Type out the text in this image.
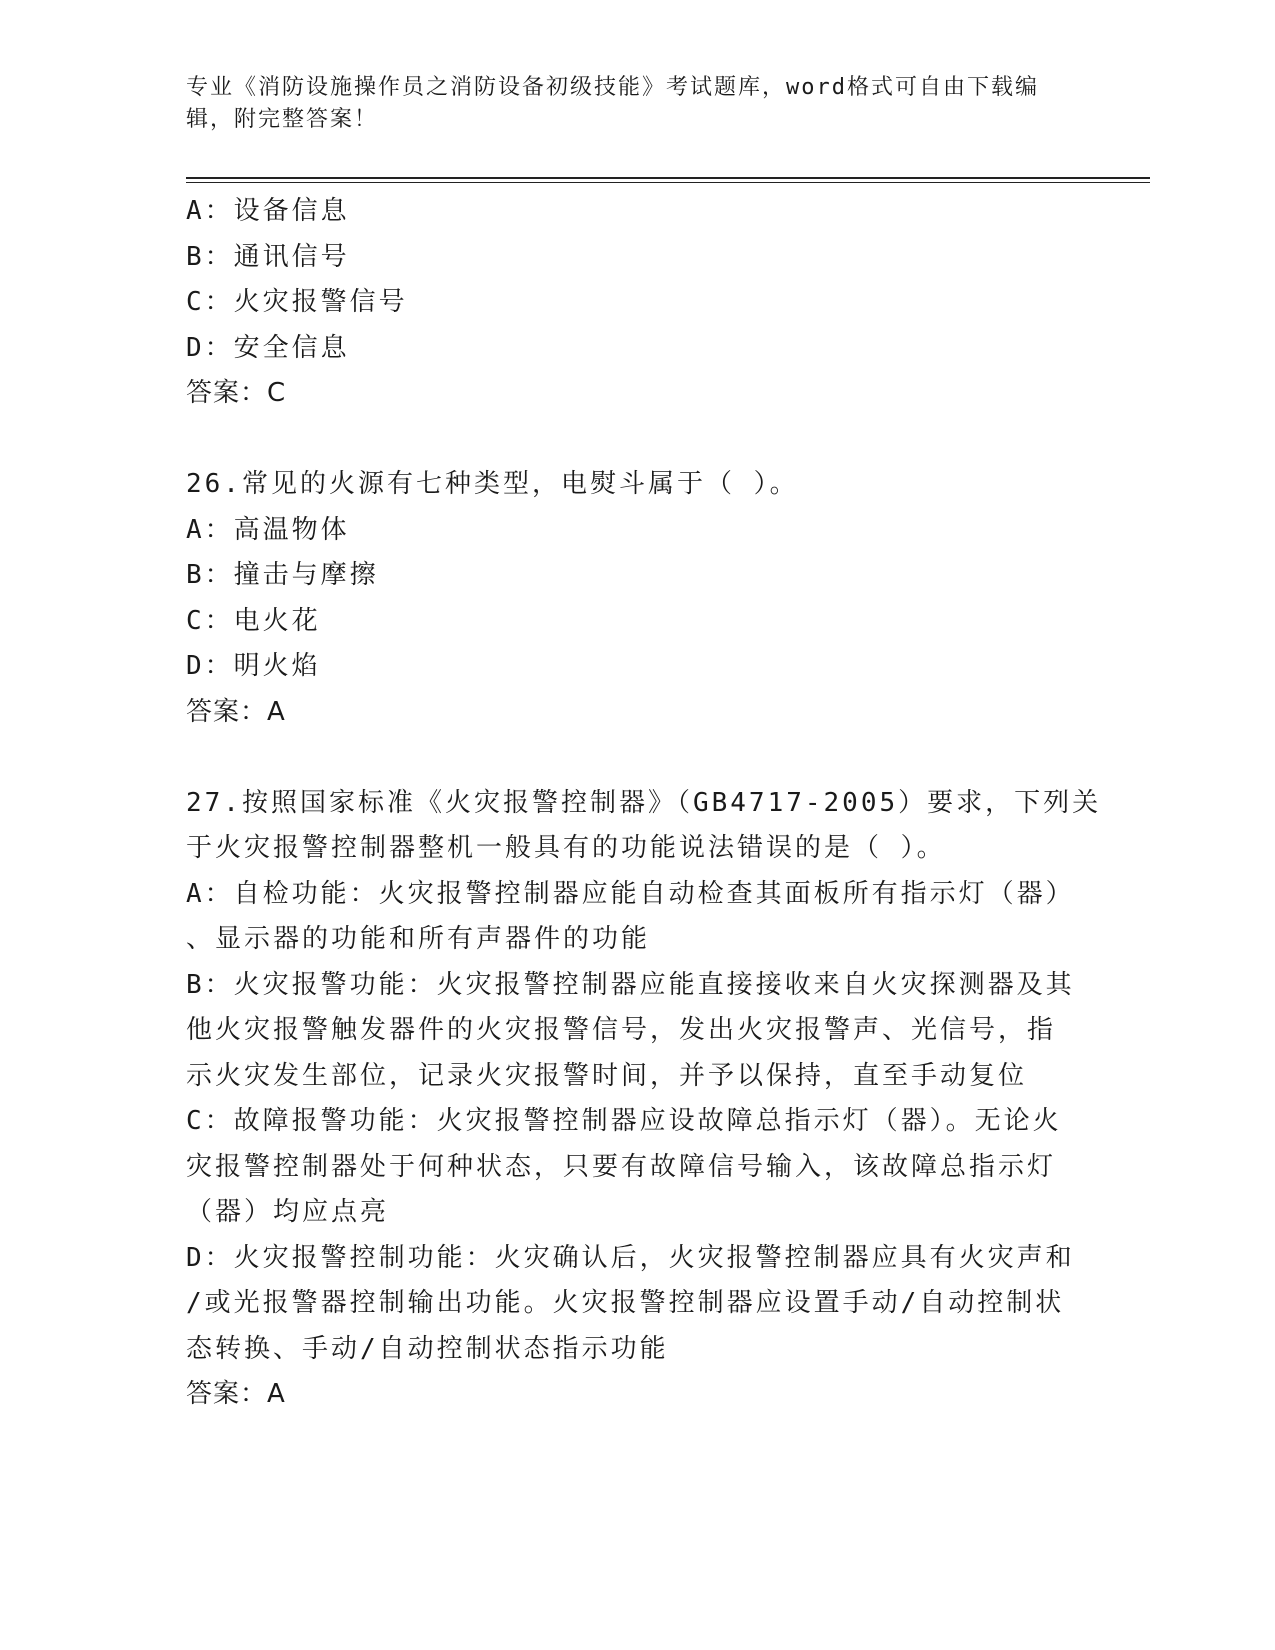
专业《消防设施操作员之消防设备初级技能》考试题库，word格式可自由下载编
辑，附完整答案！
A：设备信息
B：通讯信号
C：火灾报警信号
D：安全信息
答案：C
26.常见的火源有七种类型，电熨斗属于（ ）。
A：高温物体
B：撞击与摩擦
C：电火花
D：明火焰
答案：A
27.按照国家标准《火灾报警控制器》（GB4717-2005）要求，下列关
于火灾报警控制器整机一般具有的功能说法错误的是（ ）。
A：自检功能：火灾报警控制器应能自动检查其面板所有指示灯（器）
、显示器的功能和所有声器件的功能
B：火灾报警功能：火灾报警控制器应能直接接收来自火灾探测器及其
他火灾报警触发器件的火灾报警信号，发出火灾报警声、光信号，指
示火灾发生部位，记录火灾报警时间，并予以保持，直至手动复位
C：故障报警功能：火灾报警控制器应设故障总指示灯（器）。无论火
灾报警控制器处于何种状态，只要有故障信号输入，该故障总指示灯
（器）均应点亮
D：火灾报警控制功能：火灾确认后，火灾报警控制器应具有火灾声和
/或光报警器控制输出功能。火灾报警控制器应设置手动/自动控制状
态转换、手动/自动控制状态指示功能
答案：A
